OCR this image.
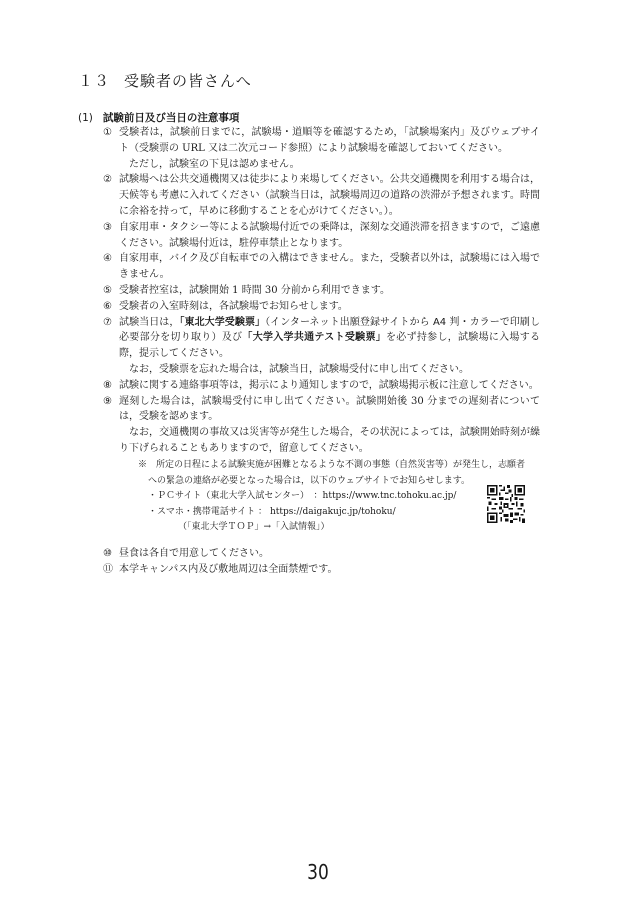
１３ 受験者の皆さんへ
(1) 試験前日及び当日の注意事項
① 受験者は，試験前日までに，試験場・道順等を確認するため，「試験場案内」及びウェブサイト（受験票の URL 又は二次元コード参照）により試験場を確認しておいてください。
ただし，試験室の下見は認めません。
② 試験場へは公共交通機関又は徒歩により来場してください。公共交通機関を利用する場合は，天候等も考慮に入れてください（試験当日は，試験場周辺の道路の渋滞が予想されます。時間に余裕を持って，早めに移動することを心がけてください。）。
③ 自家用車・タクシー等による試験場付近での乗降は，深刻な交通渋滞を招きますので，ご遠慮ください。試験場付近は，駐停車禁止となります。
④ 自家用車，バイク及び自転車での入構はできません。また，受験者以外は，試験場には入場できません。
⑤ 受験者控室は，試験開始 1 時間 30 分前から利用できます。
⑥ 受験者の入室時刻は，各試験場でお知らせします。
⑦ 試験当日は，「東北大学受験票」（インターネット出願登録サイトから A4 判・カラーで印刷し必要部分を切り取り）及び「大学入学共通テスト受験票」を必ず持参し，試験場に入場する際，提示してください。
なお，受験票を忘れた場合は，試験当日，試験場受付に申し出てください。
⑧ 試験に関する連絡事項等は，掲示により通知しますので，試験場掲示板に注意してください。
⑨ 遅刻した場合は，試験場受付に申し出てください。試験開始後 30 分までの遅刻者については，受験を認めます。
なお，交通機関の事故又は災害等が発生した場合，その状況によっては，試験開始時刻が繰り下げられることもありますので，留意してください。
※　 所定の日程による試験実施が困難となるような不測の事態（自然災害等）が発生し，志願者
への緊急の連絡が必要となった場合は，以下のウェブサイトでお知らせします。
・ＰＣサイト（東北大学入試センター）　 ：https://www.tnc.tohoku.ac.jp/
・スマホ・携帯電話サイト ： https://daigakujc.jp/tohoku/
（「東北大学ＴＯＰ」→「入試情報」）
⑩ 昼食は各自で用意してください。
⑪ 本学キャンパス内及び敷地周辺は全面禁煙です。
30
